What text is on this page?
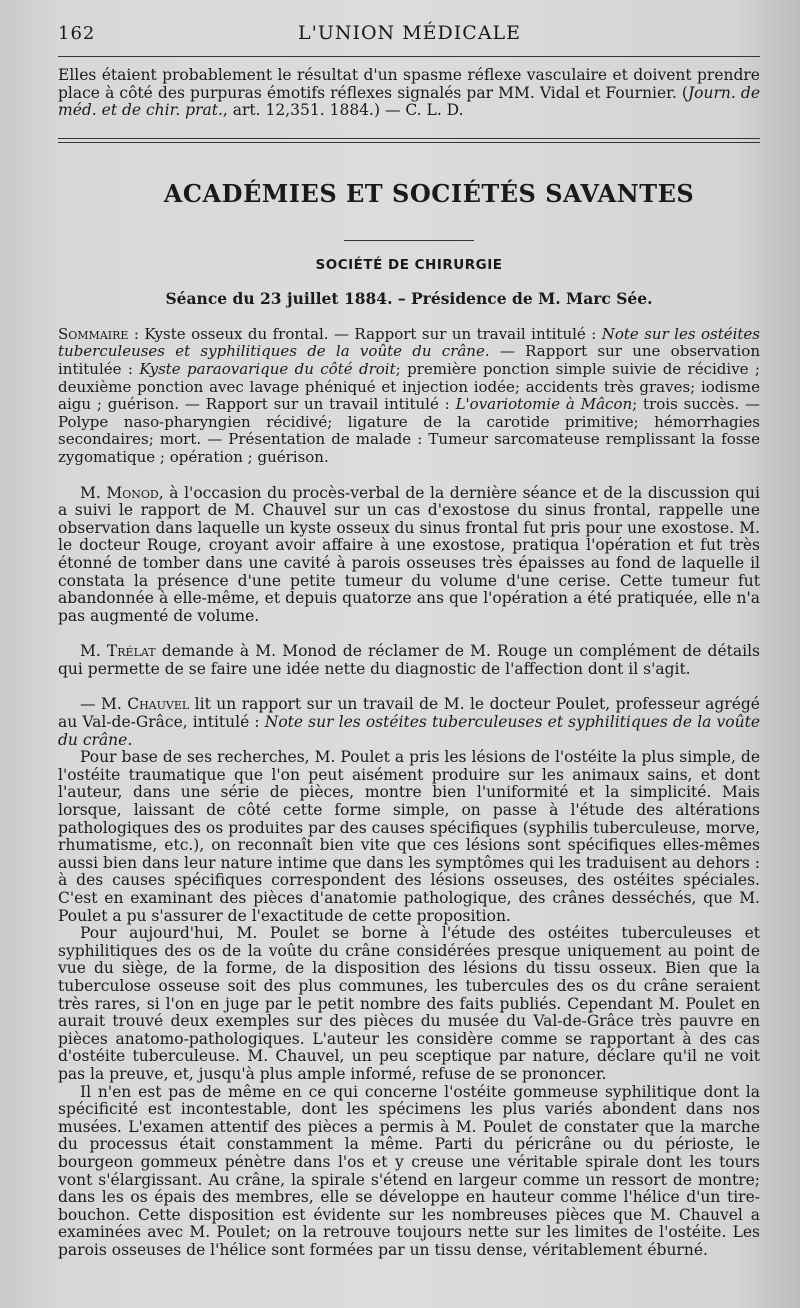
162	L'UNION MÉDICALE

Elles étaient probablement le résultat d'un spasme réflexe vasculaire et doivent prendre place à côté des purpuras émotifs réflexes signalés par MM. Vidal et Fournier. (Journ. de méd. et de chir. prat., art. 12,351. 1884.) — C. L. D.

ACADÉMIES ET SOCIÉTÉS SAVANTES
SOCIÉTÉ DE CHIRURGIE
Séance du 23 juillet 1884. – Présidence de M. Marc Sée.

Sommaire : Kyste osseux du frontal. — Rapport sur un travail intitulé : Note sur les ostéites tuberculeuses et syphilitiques de la voûte du crâne. — Rapport sur une observation intitulée : Kyste paraovarique du côté droit; première ponction simple suivie de récidive ; deuxième ponction avec lavage phéniqué et injection iodée; accidents très graves; iodisme aigu ; guérison. — Rapport sur un travail intitulé : L'ovariotomie à Mâcon; trois succès. — Polype naso-pharyngien récidivé; ligature de la carotide primitive; hémorrhagies secondaires; mort. — Présentation de malade : Tumeur sarcomateuse remplissant la fosse zygomatique ; opération ; guérison.

M. Monod, à l'occasion du procès-verbal de la dernière séance et de la discussion qui a suivi le rapport de M. Chauvel sur un cas d'exostose du sinus frontal, rappelle une observation dans laquelle un kyste osseux du sinus frontal fut pris pour une exostose. M. le docteur Rouge, croyant avoir affaire à une exostose, pratiqua l'opération et fut très étonné de tomber dans une cavité à parois osseuses très épaisses au fond de laquelle il constata la présence d'une petite tumeur du volume d'une cerise. Cette tumeur fut abandonnée à elle-même, et depuis quatorze ans que l'opération a été pratiquée, elle n'a pas augmenté de volume.

M. Trélat demande à M. Monod de réclamer de M. Rouge un complément de détails qui permette de se faire une idée nette du diagnostic de l'affection dont il s'agit.

— M. Chauvel lit un rapport sur un travail de M. le docteur Poulet, professeur agrégé au Val-de-Grâce, intitulé : Note sur les ostéites tuberculeuses et syphilitiques de la voûte du crâne.

Pour base de ses recherches, M. Poulet a pris les lésions de l'ostéite la plus simple, de l'ostéite traumatique que l'on peut aisément produire sur les animaux sains, et dont l'auteur, dans une série de pièces, montre bien l'uniformité et la simplicité. Mais lorsque, laissant de côté cette forme simple, on passe à l'étude des altérations pathologiques des os produites par des causes spécifiques (syphilis tuberculeuse, morve, rhumatisme, etc.), on reconnaît bien vite que ces lésions sont spécifiques elles-mêmes aussi bien dans leur nature intime que dans les symptômes qui les traduisent au dehors : à des causes spécifiques correspondent des lésions osseuses, des ostéites spéciales. C'est en examinant des pièces d'anatomie pathologique, des crânes desséchés, que M. Poulet a pu s'assurer de l'exactitude de cette proposition.

Pour aujourd'hui, M. Poulet se borne à l'étude des ostéites tuberculeuses et syphilitiques des os de la voûte du crâne considérées presque uniquement au point de vue du siège, de la forme, de la disposition des lésions du tissu osseux. Bien que la tuberculose osseuse soit des plus communes, les tubercules des os du crâne seraient très rares, si l'on en juge par le petit nombre des faits publiés. Cependant M. Poulet en aurait trouvé deux exemples sur des pièces du musée du Val-de-Grâce très pauvre en pièces anatomo-pathologiques. L'auteur les considère comme se rapportant à des cas d'ostéite tuberculeuse. M. Chauvel, un peu sceptique par nature, déclare qu'il ne voit pas la preuve, et, jusqu'à plus ample informé, refuse de se prononcer.

Il n'en est pas de même en ce qui concerne l'ostéite gommeuse syphilitique dont la spécificité est incontestable, dont les spécimens les plus variés abondent dans nos musées. L'examen attentif des pièces a permis à M. Poulet de constater que la marche du processus était constamment la même. Parti du péricrâne ou du périoste, le bourgeon gommeux pénètre dans l'os et y creuse une véritable spirale dont les tours vont s'élargissant. Au crâne, la spirale s'étend en largeur comme un ressort de montre; dans les os épais des membres, elle se développe en hauteur comme l'hélice d'un tire-bouchon. Cette disposition est évidente sur les nombreuses pièces que M. Chauvel a examinées avec M. Poulet; on la retrouve toujours nette sur les limites de l'ostéite. Les parois osseuses de l'hélice sont formées par un tissu dense, véritablement éburné.
